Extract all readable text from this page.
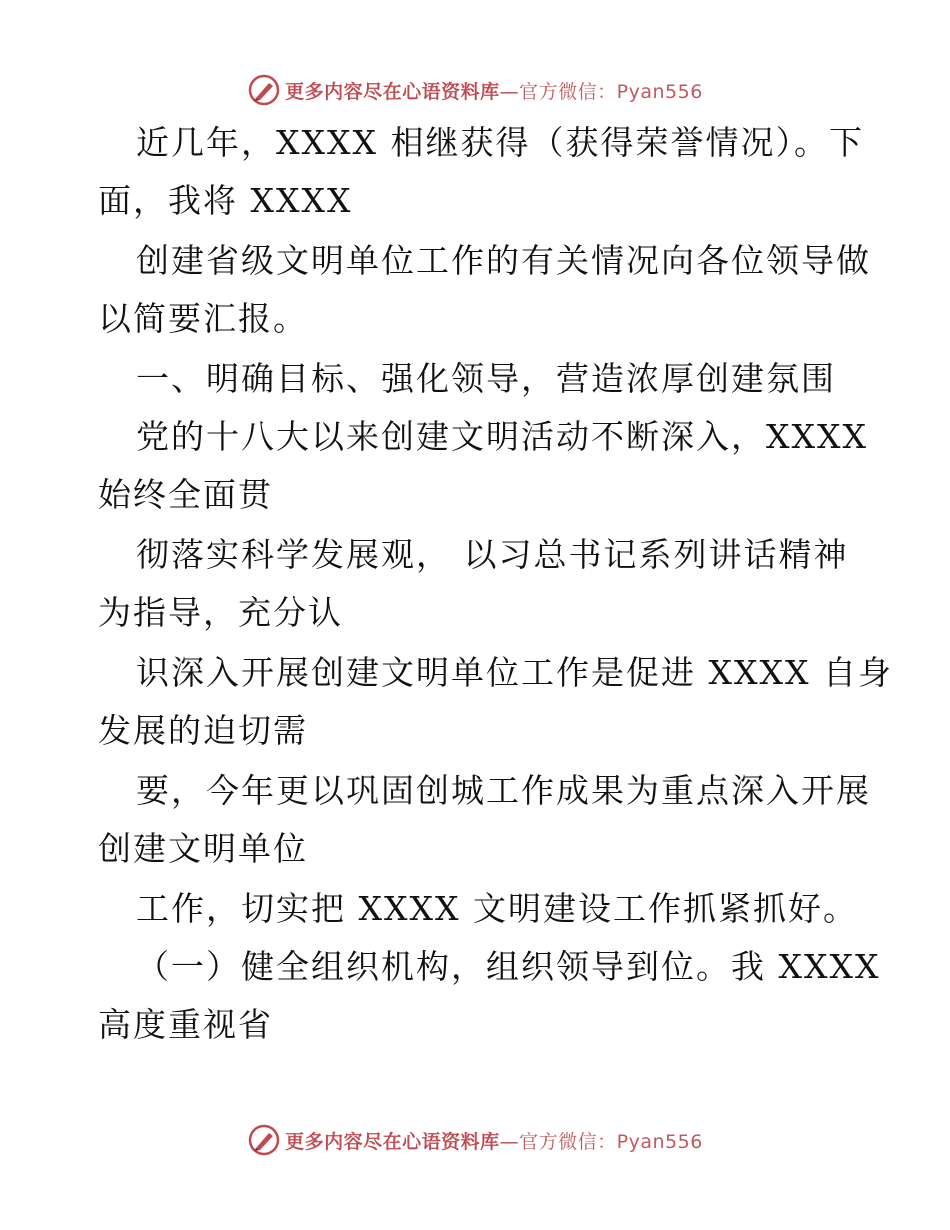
更多内容尽在心语资料库—官方微信：Pyan556
近几年，XXXX 相继获得（获得荣誉情况）。下
面，我将 XXXX
创建省级文明单位工作的有关情况向各位领导做
以简要汇报。
一、明确目标、强化领导，营造浓厚创建氛围
党的十八大以来创建文明活动不断深入，XXXX
始终全面贯
彻落实科学发展观， 以习总书记系列讲话精神
为指导，充分认
识深入开展创建文明单位工作是促进 XXXX 自身
发展的迫切需
要，今年更以巩固创城工作成果为重点深入开展
创建文明单位
工作，切实把 XXXX 文明建设工作抓紧抓好。
（一）健全组织机构，组织领导到位。我 XXXX
高度重视省
更多内容尽在心语资料库—官方微信：Pyan556
